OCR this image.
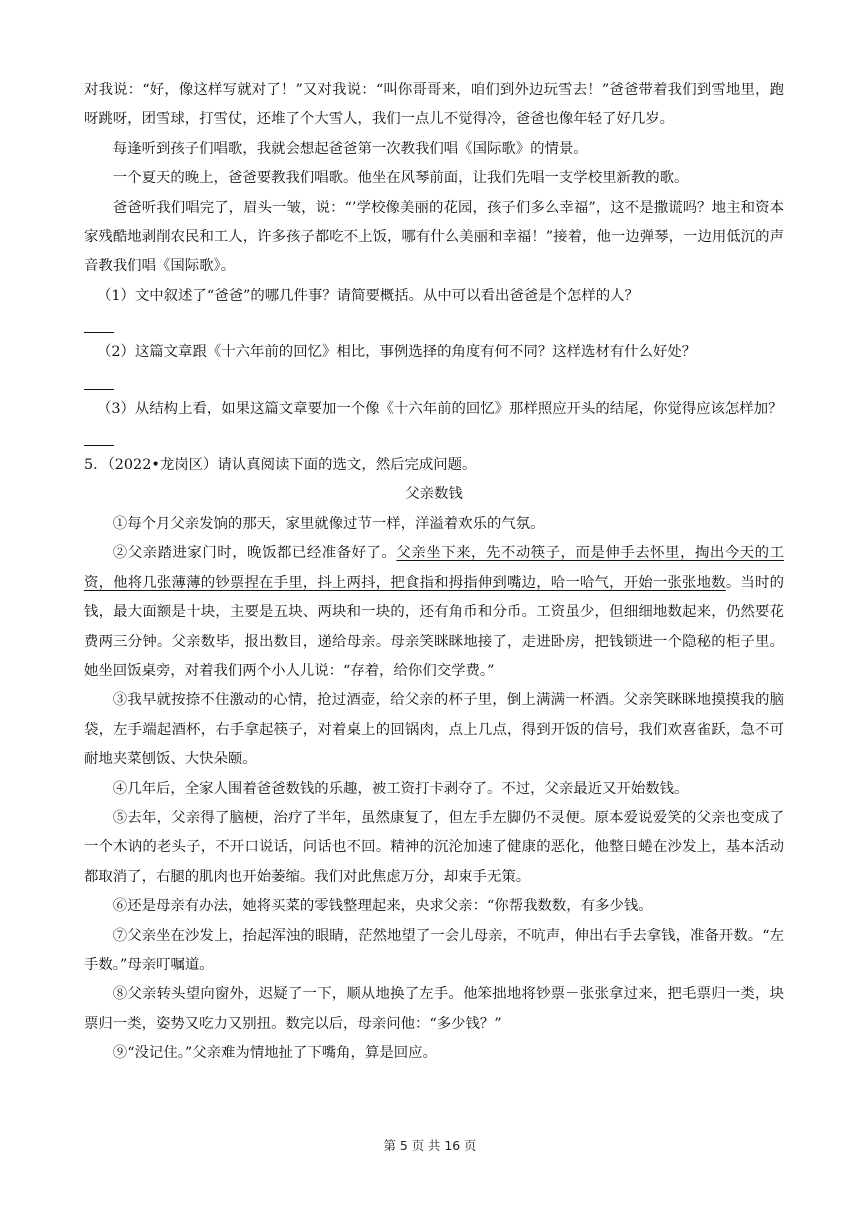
对我说：“好，像这样写就对了！”又对我说：“叫你哥哥来，咱们到外边玩雪去！”爸爸带着我们到雪地里，跑呀跳呀，团雪球，打雪仗，还堆了个大雪人，我们一点儿不觉得冷，爸爸也像年轻了好几岁。

每逢听到孩子们唱歌，我就会想起爸爸第一次教我们唱《国际歌》的情景。

一个夏天的晚上，爸爸要教我们唱歌。他坐在风琴前面，让我们先唱一支学校里新教的歌。

爸爸听我们唱完了，眉头一皱，说：“’学校像美丽的花园，孩子们多么幸福”，这不是撒谎吗？地主和资本家残酷地剥削农民和工人，许多孩子都吃不上饭，哪有什么美丽和幸福！”接着，他一边弹琴，一边用低沉的声音教我们唱《国际歌》。

（1）文中叙述了“爸爸”的哪几件事？请简要概括。从中可以看出爸爸是个怎样的人？

（2）这篇文章跟《十六年前的回忆》相比，事例选择的角度有何不同？这样选材有什么好处？

（3）从结构上看，如果这篇文章要加一个像《十六年前的回忆》那样照应开头的结尾，你觉得应该怎样加？

5．（2022•龙岗区）请认真阅读下面的选文，然后完成问题。

父亲数钱

①每个月父亲发饷的那天，家里就像过节一样，洋溢着欢乐的气氛。

②父亲踏进家门时，晚饭都已经准备好了。父亲坐下来，先不动筷子，而是伸手去怀里，掏出今天的工资，他将几张薄薄的钞票捏在手里，抖上两抖，把食指和拇指伸到嘴边，哈一哈气，开始一张张地数。当时的钱，最大面额是十块，主要是五块、两块和一块的，还有角币和分币。工资虽少，但细细地数起来，仍然要花费两三分钟。父亲数毕，报出数目，递给母亲。母亲笑眯眯地接了，走进卧房，把钱锁进一个隐秘的柜子里。她坐回饭桌旁，对着我们两个小人儿说：“存着，给你们交学费。”

③我早就按捺不住激动的心情，抢过酒壶，给父亲的杯子里，倒上满满一杯酒。父亲笑眯眯地摸摸我的脑袋，左手端起酒杯，右手拿起筷子，对着桌上的回锅肉，点上几点，得到开饭的信号，我们欢喜雀跃，急不可耐地夹菜刨饭、大快朵颐。

④几年后，全家人围着爸爸数钱的乐趣，被工资打卡剥夺了。不过，父亲最近又开始数钱。

⑤去年，父亲得了脑梗，治疗了半年，虽然康复了，但左手左脚仍不灵便。原本爱说爱笑的父亲也变成了一个木讷的老头子，不开口说话，问话也不回。精神的沉沦加速了健康的恶化，他整日蜷在沙发上，基本活动都取消了，右腿的肌肉也开始萎缩。我们对此焦虑万分，却束手无策。

⑥还是母亲有办法，她将买菜的零钱整理起来，央求父亲：“你帮我数数，有多少钱。

⑦父亲坐在沙发上，抬起浑浊的眼睛，茫然地望了一会儿母亲，不吭声，伸出右手去拿钱，准备开数。“左手数。”母亲叮嘱道。

⑧父亲转头望向窗外，迟疑了一下，顺从地换了左手。他笨拙地将钞票－张张拿过来，把毛票归一类，块票归一类，姿势又吃力又别扭。数完以后，母亲问他：“多少钱？”

⑨“没记住。”父亲难为情地扯了下嘴角，算是回应。

第 5 页 共 16 页
